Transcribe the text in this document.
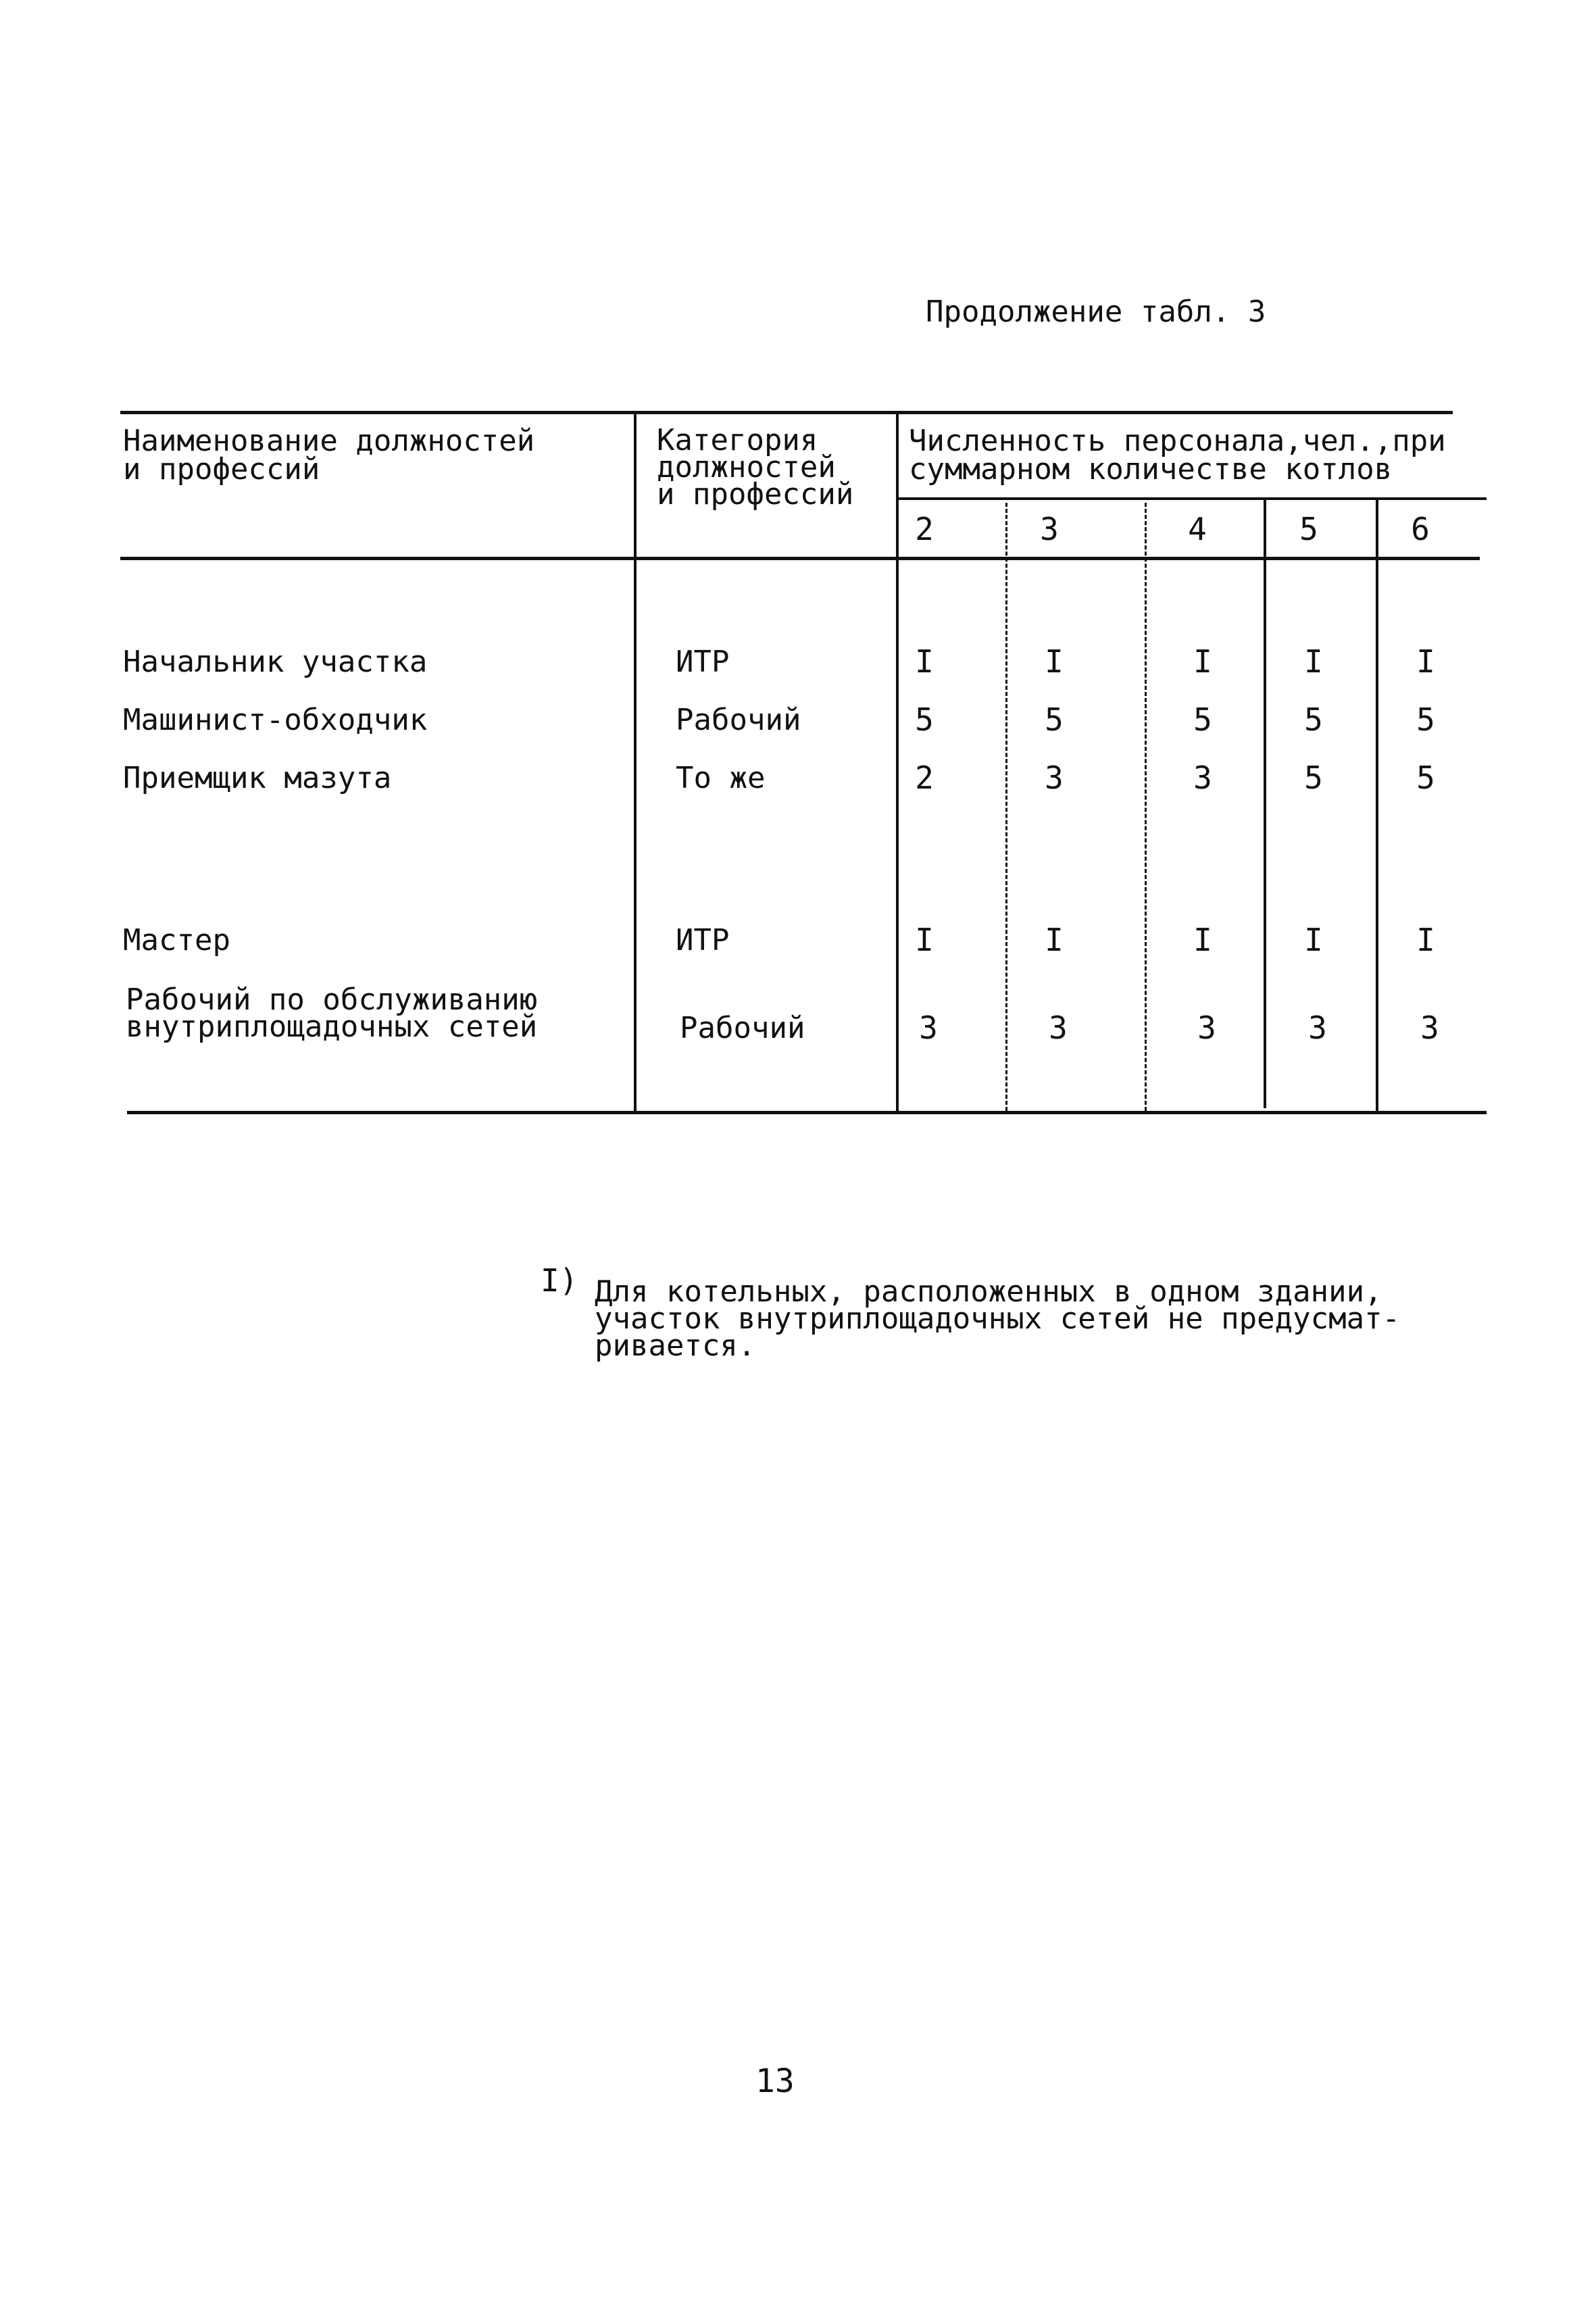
Продолжение табл. 3
Наименование должностей
и профессий
Категория
должностей
и профессий
Численность персонала,чел.,при
суммарном количестве котлов
2	3	4	5	6
Начальник участка	ИТР	I	I	I	I	I
Машинист-обходчик	Рабочий	5	5	5	5	5
Приемщик мазута	То же	2	3	3	5	5
Мастер	ИТР	I	I	I	I	I
Рабочий по обслуживанию
внутриплощадочных сетей	Рабочий	3	3	3	3	3
I) Для котельных, расположенных в одном здании,
участок внутриплощадочных сетей не предусмат-
ривается.
13
